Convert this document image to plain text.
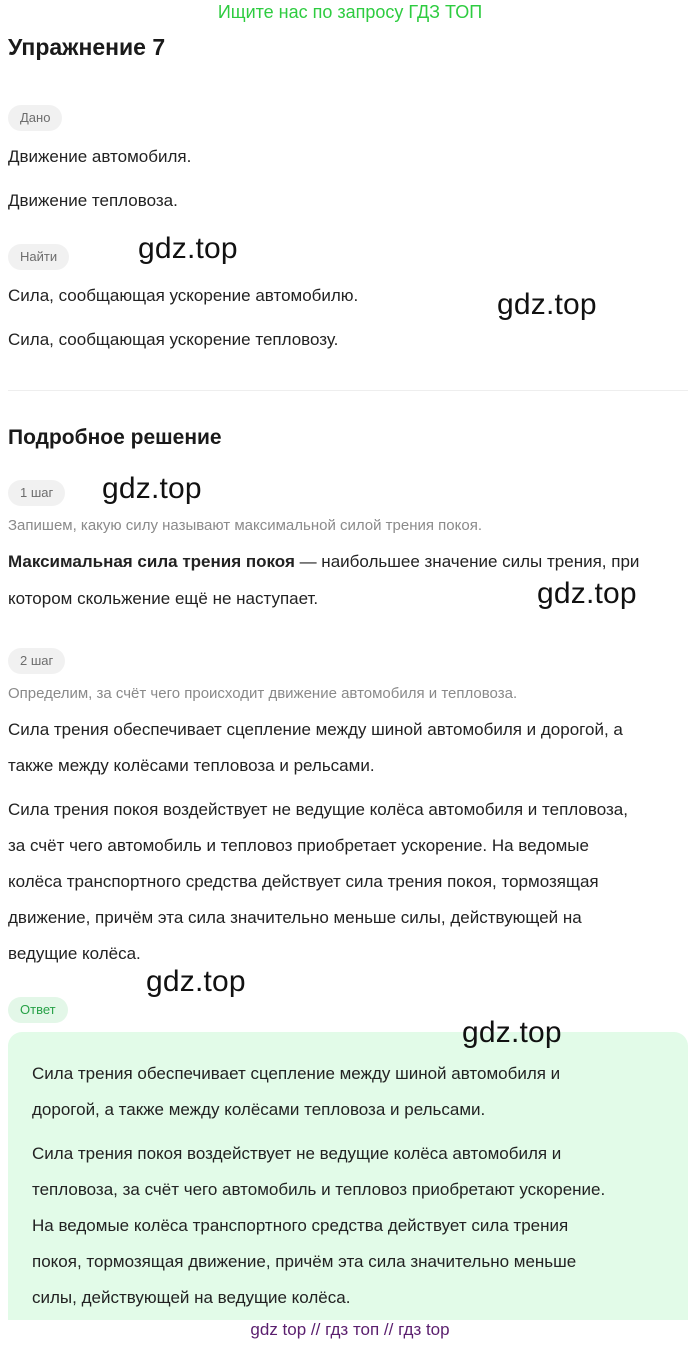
Ищите нас по запросу ГДЗ ТОП
Упражнение 7
Дано
Движение автомобиля.
Движение тепловоза.
Найти
Сила, сообщающая ускорение автомобилю.
Сила, сообщающая ускорение тепловозу.
Подробное решение
1 шаг
Запишем, какую силу называют максимальной силой трения покоя.
Максимальная сила трения покоя — наибольшее значение силы трения, при
котором скольжение ещё не наступает.
2 шаг
Определим, за счёт чего происходит движение автомобиля и тепловоза.
Сила трения обеспечивает сцепление между шиной автомобиля и дорогой, а
также между колёсами тепловоза и рельсами.
Сила трения покоя воздействует не ведущие колёса автомобиля и тепловоза,
за счёт чего автомобиль и тепловоз приобретает ускорение. На ведомые
колёса транспортного средства действует сила трения покоя, тормозящая
движение, причём эта сила значительно меньше силы, действующей на
ведущие колёса.
Ответ
Сила трения обеспечивает сцепление между шиной автомобиля и
дорогой, а также между колёсами тепловоза и рельсами.
Сила трения покоя воздействует не ведущие колёса автомобиля и
тепловоза, за счёт чего автомобиль и тепловоз приобретают ускорение.
На ведомые колёса транспортного средства действует сила трения
покоя, тормозящая движение, причём эта сила значительно меньше
силы, действующей на ведущие колёса.
gdz.top
gdz.top
gdz.top
gdz.top
gdz.top
gdz.top
gdz top // гдз топ // гдз top
